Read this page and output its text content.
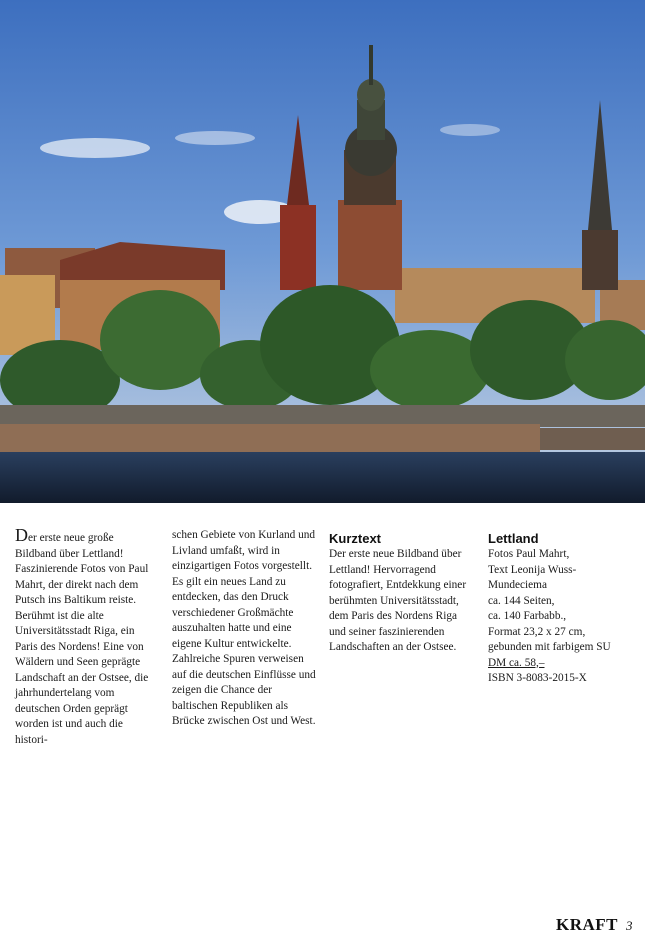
Der erste neue große Bildband über Lettland! Faszinierende Fotos von Paul Mahrt, der direkt nach dem Putsch ins Baltikum reiste. Berühmt ist die alte Universitätsstadt Riga, ein Paris des Nordens! Eine von Wäldern und Seen geprägte Landschaft an der Ostsee, die jahrhundertelang vom deutschen Orden geprägt worden ist und auch die histori-

schen Gebiete von Kurland und Livland umfaßt, wird in einzigartigen Fotos vorgestellt. Es gilt ein neues Land zu entdecken, das den Druck verschiedener Großmächte auszuhalten hatte und eine eigene Kultur entwickelte. Zahlreiche Spuren verweisen auf die deutschen Einflüsse und zeigen die Chance der baltischen Republiken als Brücke zwischen Ost und West.

Kurztext

Der erste neue Bildband über Lettland! Hervorragend fotografiert, Entdekkung einer berühmten Universitätsstadt, dem Paris des Nordens Riga und seiner faszinierenden Landschaften an der Ostsee.

Lettland
Fotos Paul Mahrt,
Text Leonija Wuss-
Mundeciema
ca. 144 Seiten,
ca. 140 Farbabb.,
Format 23,2 x 27 cm,
gebunden mit farbigem SU
DM ca. 58,–
ISBN 3-8083-2015-X
KRAFT 3
